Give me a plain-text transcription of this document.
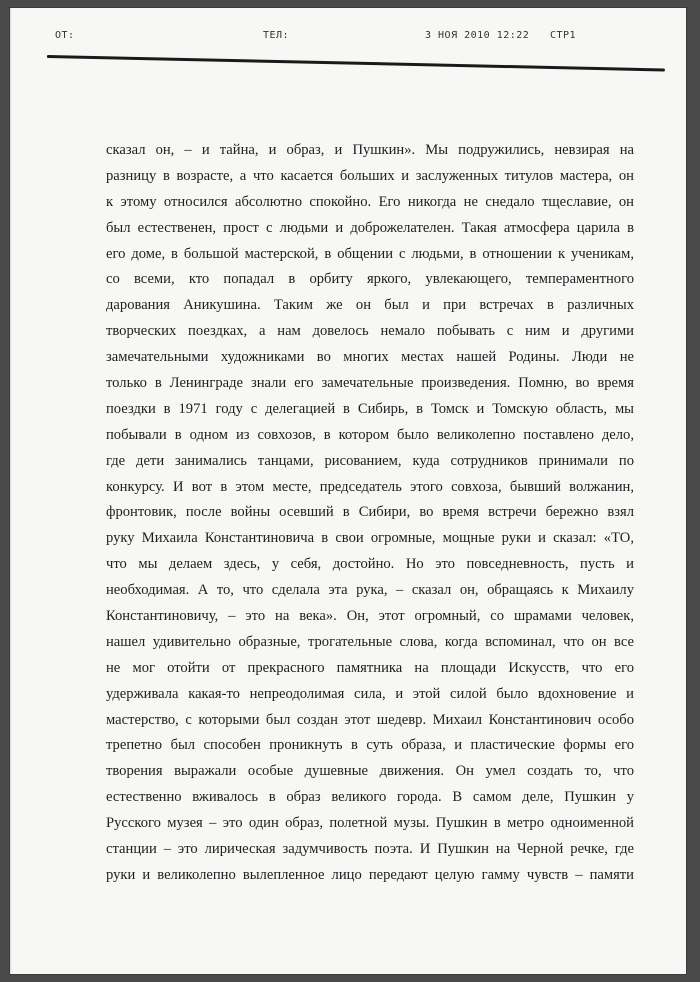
ОТ:	ТЕЛ:	3 НОЯ 2010 12:22 СТР1
сказал он, – и тайна, и образ, и Пушкин». Мы подружились, невзирая на
разницу в возрасте, а что касается больших и заслуженных титулов мастера, он
к этому относился абсолютно спокойно. Его никогда не снедало тщеславие, он
был естественен, прост с людьми и доброжелателен. Такая атмосфера царила в
его доме, в большой мастерской, в общении с людьми, в отношении к ученикам,
со всеми, кто попадал в орбиту яркого, увлекающего, темпераментного
дарования Аникушина. Таким же он был и при встречах в различных
творческих поездках, а нам довелось немало побывать с ним и другими
замечательными художниками во многих местах нашей Родины. Люди не
только в Ленинграде знали его замечательные произведения. Помню, во время
поездки в 1971 году с делегацией в Сибирь, в Томск и Томскую область, мы
побывали в одном из совхозов, в котором было великолепно поставлено дело,
где дети занимались танцами, рисованием, куда сотрудников принимали по
конкурсу. И вот в этом месте, председатель этого совхоза, бывший волжанин,
фронтовик, после войны осевший в Сибири, во время встречи бережно взял
руку Михаила Константиновича в свои огромные, мощные руки и сказал: «ТО,
что мы делаем здесь, у себя, достойно. Но это повседневность, пусть и
необходимая. А то, что сделала эта рука, – сказал он, обращаясь к Михаилу
Константиновичу, – это на века». Он, этот огромный, со шрамами человек,
нашел удивительно образные, трогательные слова, когда вспоминал, что он все
не мог отойти от прекрасного памятника на площади Искусств, что его
удерживала какая-то непреодолимая сила, и этой силой было вдохновение и
мастерство, с которыми был создан этот шедевр. Михаил Константинович особо
трепетно был способен проникнуть в суть образа, и пластические формы его
творения выражали особые душевные движения. Он умел создать то, что
естественно вживалось в образ великого города. В самом деле, Пушкин у
Русского музея – это один образ, полетной музы. Пушкин в метро одноименной
станции – это лирическая задумчивость поэта. И Пушкин на Черной речке, где
руки и великолепно вылепленное лицо передают целую гамму чувств – памяти
